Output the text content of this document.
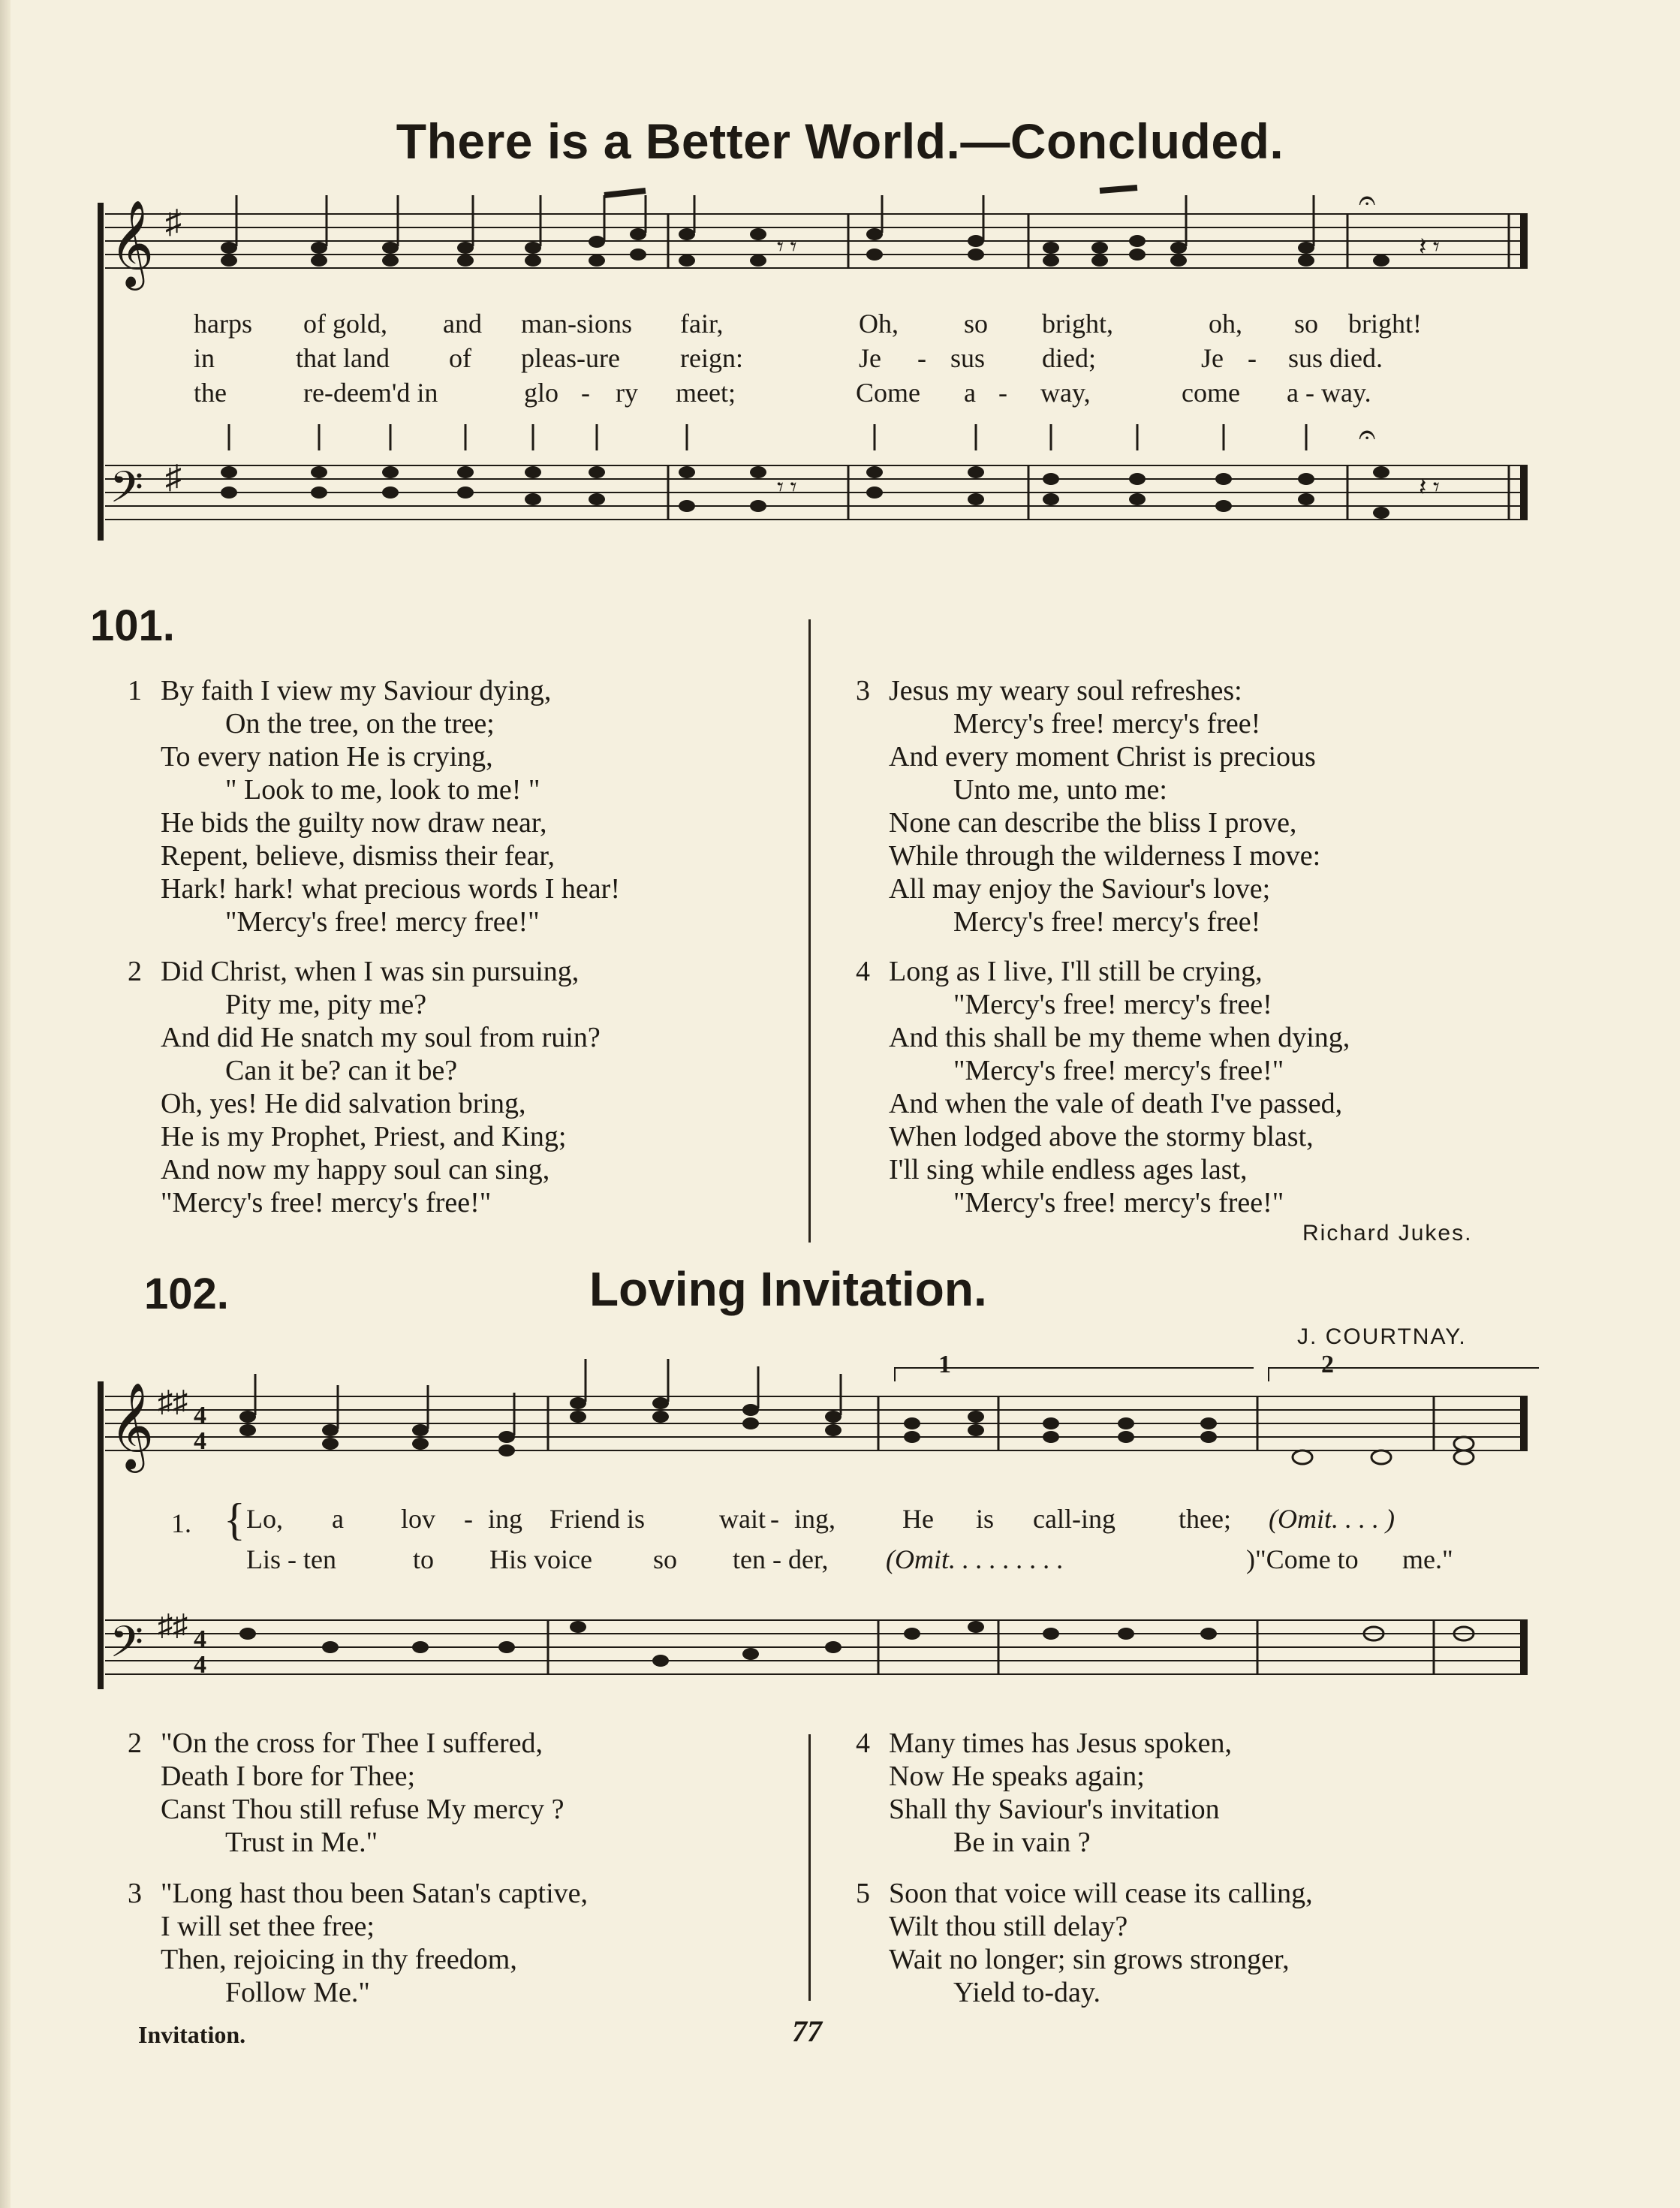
There is a Better World.—Concluded.
𝄞
𝄢
♯
♯
𝄾 𝄾	𝄽 𝄾
𝄐
𝄾 𝄾	𝄽 𝄾
𝄐
harps of gold, and man-sions fair,	Oh, so bright,	oh, so bright!
in	that land of pleas-ure reign:	Je - sus died;	Je - sus died.
the	re-deem'd in	glo - ry meet;	Come a - way,	come a - way.
101.
1 By faith I view my Saviour dying,
On the tree, on the tree;
To every nation He is crying,
" Look to me, look to me! "
He bids the guilty now draw near,
Repent, believe, dismiss their fear,
Hark! hark! what precious words I hear!
"Mercy's free! mercy free!"
2 Did Christ, when I was sin pursuing,
Pity me, pity me?
And did He snatch my soul from ruin?
Can it be? can it be?
Oh, yes! He did salvation bring,
He is my Prophet, Priest, and King;
And now my happy soul can sing,
"Mercy's free! mercy's free!"
3 Jesus my weary soul refreshes:
Mercy's free! mercy's free!
And every moment Christ is precious
Unto me, unto me:
None can describe the bliss I prove,
While through the wilderness I move:
All may enjoy the Saviour's love;
Mercy's free! mercy's free!
4 Long as I live, I'll still be crying,
"Mercy's free! mercy's free!
And this shall be my theme when dying,
"Mercy's free! mercy's free!"
And when the vale of death I've passed,
When lodged above the stormy blast,
I'll sing while endless ages last,
"Mercy's free! mercy's free!"
Richard Jukes.
102.	Loving Invitation.
J. COURTNAY.
1	2
𝄞
𝄢
♯♯
♯♯
4
4
4
4
1. { Lo, a lov - ing Friend is	wait - ing, He is call-ing thee; (Omit. . . . )
Lis - ten	to His voice so ten - der, (Omit. . . . . . . . .	)"Come to me."
2 "On the cross for Thee I suffered,
Death I bore for Thee;
Canst Thou still refuse My mercy ?
Trust in Me."
3 "Long hast thou been Satan's captive,
I will set thee free;
Then, rejoicing in thy freedom,
Follow Me."
4 Many times has Jesus spoken,
Now He speaks again;
Shall thy Saviour's invitation
Be in vain ?
5 Soon that voice will cease its calling,
Wilt thou still delay?
Wait no longer; sin grows stronger,
Yield to-day.
Invitation.	77
